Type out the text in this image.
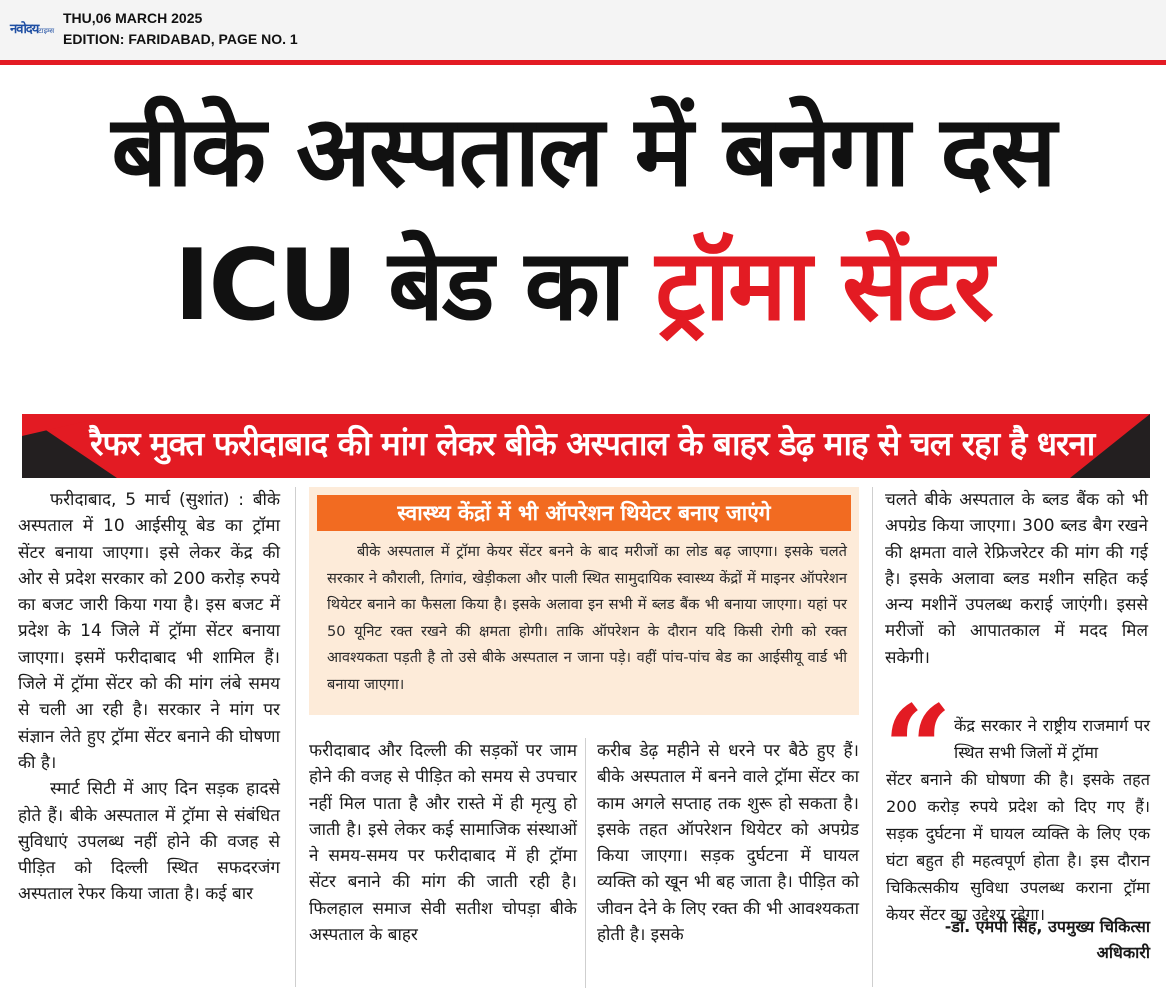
नवोदयटाइम्स
THU,06 MARCH 2025
EDITION: FARIDABAD, PAGE NO. 1
बीके अस्पताल में बनेगा दस
ICU बेड का ट्रॉमा सेंटर
रैफर मुक्त फरीदाबाद की मांग लेकर बीके अस्पताल के बाहर डेढ़ माह से चल रहा है धरना

फरीदाबाद, 5 मार्च (सुशांत) : बीके अस्पताल में 10 आईसीयू बेड का ट्रॉमा सेंटर बनाया जाएगा। इसे लेकर केंद्र की ओर से प्रदेश सरकार को 200 करोड़ रुपये का बजट जारी किया गया है। इस बजट में प्रदेश के 14 जिले में ट्रॉमा सेंटर बनाया जाएगा। इसमें फरीदाबाद भी शामिल हैं। जिले में ट्रॉमा सेंटर को की मांग लंबे समय से चली आ रही है। सरकार ने मांग पर संज्ञान लेते हुए ट्रॉमा सेंटर बनाने की घोषणा की है।

स्मार्ट सिटी में आए दिन सड़क हादसे होते हैं। बीके अस्पताल में ट्रॉमा से संबंधित सुविधाएं उपलब्ध नहीं होने की वजह से पीड़ित को दिल्ली स्थित सफदरजंग अस्पताल रेफर किया जाता है। कई बार

स्वास्थ्य केंद्रों में भी ऑपरेशन थियेटर बनाए जाएंगे

बीके अस्पताल में ट्रॉमा केयर सेंटर बनने के बाद मरीजों का लोड बढ़ जाएगा। इसके चलते सरकार ने कौराली, तिगांव, खेड़ीकला और पाली स्थित सामुदायिक स्वास्थ्य केंद्रों में माइनर ऑपरेशन थियेटर बनाने का फैसला किया है। इसके अलावा इन सभी में ब्लड बैंक भी बनाया जाएगा। यहां पर 50 यूनिट रक्त रखने की क्षमता होगी। ताकि ऑपरेशन के दौरान यदि किसी रोगी को रक्त आवश्यकता पड़ती है तो उसे बीके अस्पताल न जाना पड़े। वहीं पांच-पांच बेड का आईसीयू वार्ड भी बनाया जाएगा।

फरीदाबाद और दिल्ली की सड़कों पर जाम होने की वजह से पीड़ित को समय से उपचार नहीं मिल पाता है और रास्ते में ही मृत्यु हो जाती है। इसे लेकर कई सामाजिक संस्थाओं ने समय-समय पर फरीदाबाद में ही ट्रॉमा सेंटर बनाने की मांग की जाती रही है। फिलहाल समाज सेवी सतीश चोपड़ा बीके अस्पताल के बाहर

करीब डेढ़ महीने से धरने पर बैठे हुए हैं। बीके अस्पताल में बनने वाले ट्रॉमा सेंटर का काम अगले सप्ताह तक शुरू हो सकता है। इसके तहत ऑपरेशन थियेटर को अपग्रेड किया जाएगा। सड़क दुर्घटना में घायल व्यक्ति को खून भी बह जाता है। पीड़ित को जीवन देने के लिए रक्त की भी आवश्यकता होती है। इसके

चलते बीके अस्पताल के ब्लड बैंक को भी अपग्रेड किया जाएगा। 300 ब्लड बैग रखने की क्षमता वाले रेफ्रिजरेटर की मांग की गई है। इसके अलावा ब्लड मशीन सहित कई अन्य मशीनें उपलब्ध कराई जाएंगी। इससे मरीजों को आपातकाल में मदद मिल सकेगी।

“ केंद्र सरकार ने राष्ट्रीय राजमार्ग पर स्थित सभी जिलों में ट्रॉमा
सेंटर बनाने की घोषणा की है। इसके तहत 200 करोड़ रुपये प्रदेश को दिए गए हैं। सड़क दुर्घटना में घायल व्यक्ति के लिए एक घंटा बहुत ही महत्वपूर्ण होता है। इस दौरान चिकित्सकीय सुविधा उपलब्ध कराना ट्रॉमा केयर सेंटर का उद्देश्य रहेगा।
-डॉ. एमपी सिंह, उपमुख्य चिकित्सा अधिकारी
